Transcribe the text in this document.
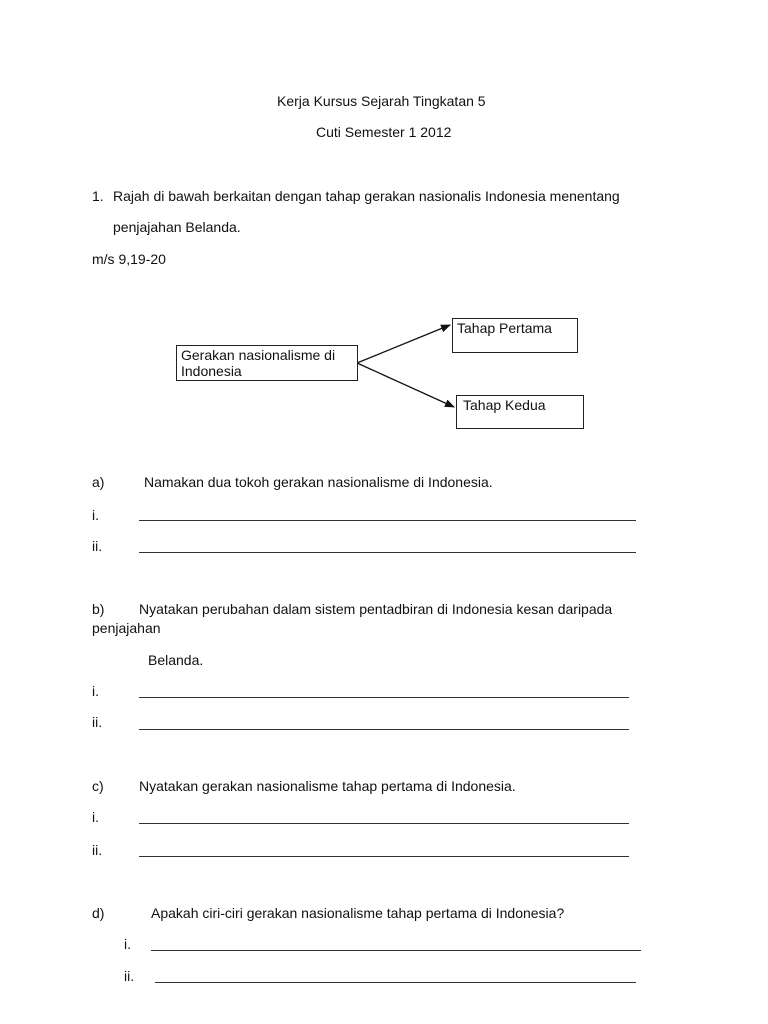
Kerja Kursus Sejarah Tingkatan 5
Cuti Semester 1 2012
1. Rajah di bawah berkaitan dengan tahap gerakan nasionalis Indonesia menentang
penjajahan Belanda.
m/s 9,19-20
Gerakan nasionalisme di Indonesia
Tahap Pertama
Tahap Kedua
a)	Namakan dua tokoh gerakan nasionalisme di Indonesia.
i.
ii.
b) Nyatakan perubahan dalam sistem pentadbiran di Indonesia kesan daripada
penjajahan
Belanda.
i.
ii.
c)	Nyatakan gerakan nasionalisme tahap pertama di Indonesia.
i.
ii.
d)	Apakah ciri-ciri gerakan nasionalisme tahap pertama di Indonesia?
i.
ii.
